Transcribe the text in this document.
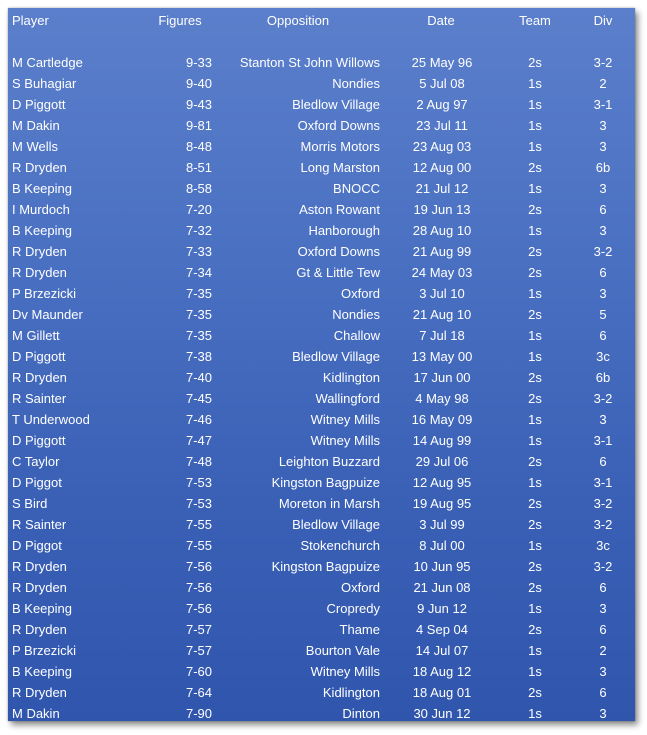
Player	Figures	Opposition	Date	Team	Div
M Cartledge	9-33	Stanton St John Willows	25 May 96	2s	3-2
S Buhagiar	9-40	Nondies	5 Jul 08	1s	2
D Piggott	9-43	Bledlow Village	2 Aug 97	1s	3-1
M Dakin	9-81	Oxford Downs	23 Jul 11	1s	3
M Wells	8-48	Morris Motors	23 Aug 03	1s	3
R Dryden	8-51	Long Marston	12 Aug 00	2s	6b
B Keeping	8-58	BNOCC	21 Jul 12	1s	3
I Murdoch	7-20	Aston Rowant	19 Jun 13	2s	6
B Keeping	7-32	Hanborough	28 Aug 10	1s	3
R Dryden	7-33	Oxford Downs	21 Aug 99	2s	3-2
R Dryden	7-34	Gt & Little Tew	24 May 03	2s	6
P Brzezicki	7-35	Oxford	3 Jul 10	1s	3
Dv Maunder	7-35	Nondies	21 Aug 10	2s	5
M Gillett	7-35	Challow	7 Jul 18	1s	6
D Piggott	7-38	Bledlow Village	13 May 00	1s	3c
R Dryden	7-40	Kidlington	17 Jun 00	2s	6b
R Sainter	7-45	Wallingford	4 May 98	2s	3-2
T Underwood	7-46	Witney Mills	16 May 09	1s	3
D Piggott	7-47	Witney Mills	14 Aug 99	1s	3-1
C Taylor	7-48	Leighton Buzzard	29 Jul 06	2s	6
D Piggot	7-53	Kingston Bagpuize	12 Aug 95	1s	3-1
S Bird	7-53	Moreton in Marsh	19 Aug 95	2s	3-2
R Sainter	7-55	Bledlow Village	3 Jul 99	2s	3-2
D Piggot	7-55	Stokenchurch	8 Jul 00	1s	3c
R Dryden	7-56	Kingston Bagpuize	10 Jun 95	2s	3-2
R Dryden	7-56	Oxford	21 Jun 08	2s	6
B Keeping	7-56	Cropredy	9 Jun 12	1s	3
R Dryden	7-57	Thame	4 Sep 04	2s	6
P Brzezicki	7-57	Bourton Vale	14 Jul 07	1s	2
B Keeping	7-60	Witney Mills	18 Aug 12	1s	3
R Dryden	7-64	Kidlington	18 Aug 01	2s	6
M Dakin	7-90	Dinton	30 Jun 12	1s	3
